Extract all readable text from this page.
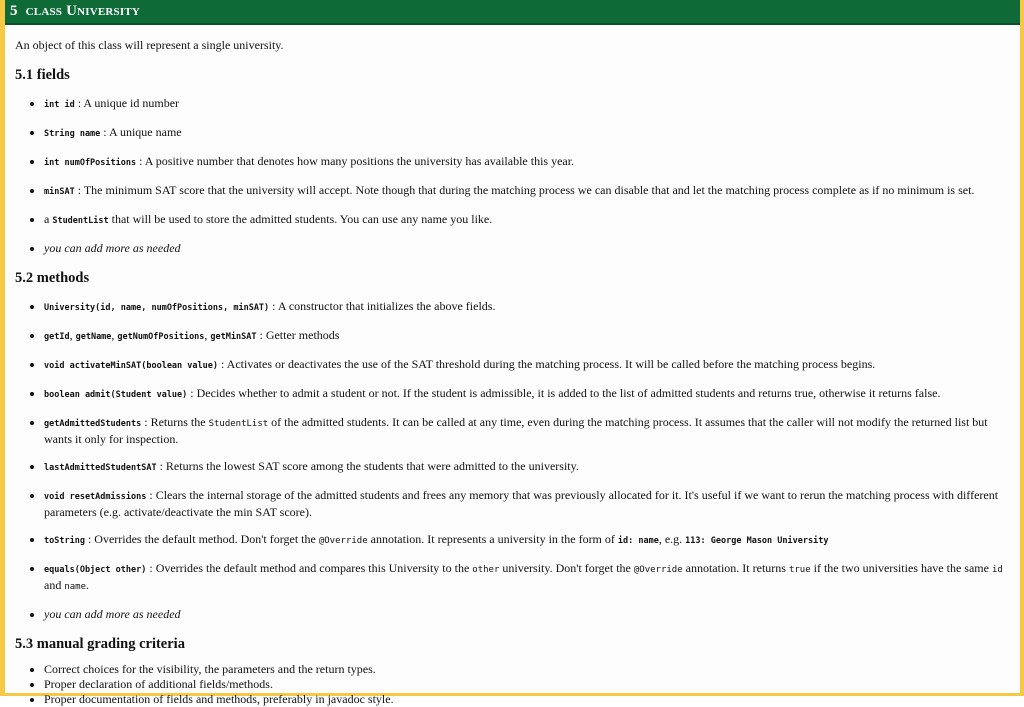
5 class University

An object of this class will represent a single university.

5.1 fields
• int id : A unique id number
• String name : A unique name
• int numOfPositions : A positive number that denotes how many positions the university has available this year.
• minSAT : The minimum SAT score that the university will accept. Note though that during the matching process we can disable that and let the matching process complete as if no minimum is set.
• a StudentList that will be used to store the admitted students. You can use any name you like.
• you can add more as needed
5.2 methods
• University(id, name, numOfPositions, minSAT) : A constructor that initializes the above fields.
• getId, getName, getNumOfPositions, getMinSAT : Getter methods
• void activateMinSAT(boolean value) : Activates or deactivates the use of the SAT threshold during the matching process. It will be called before the matching process begins.
• boolean admit(Student value) : Decides whether to admit a student or not. If the student is admissible, it is added to the list of admitted students and returns true, otherwise it returns false.
• getAdmittedStudents : Returns the StudentList of the admitted students. It can be called at any time, even during the matching process. It assumes that the caller will not modify the returned list but wants it only for inspection.
• lastAdmittedStudentSAT : Returns the lowest SAT score among the students that were admitted to the university.
• void resetAdmissions : Clears the internal storage of the admitted students and frees any memory that was previously allocated for it. It's useful if we want to rerun the matching process with different parameters (e.g. activate/deactivate the min SAT score).
• toString : Overrides the default method. Don't forget the @Override annotation. It represents a university in the form of id: name, e.g. 113: George Mason University
• equals(Object other) : Overrides the default method and compares this University to the other university. Don't forget the @Override annotation. It returns true if the two universities have the same id and name.
• you can add more as needed
5.3 manual grading criteria
• Correct choices for the visibility, the parameters and the return types.
• Proper declaration of additional fields/methods.
• Proper documentation of fields and methods, preferably in javadoc style.
